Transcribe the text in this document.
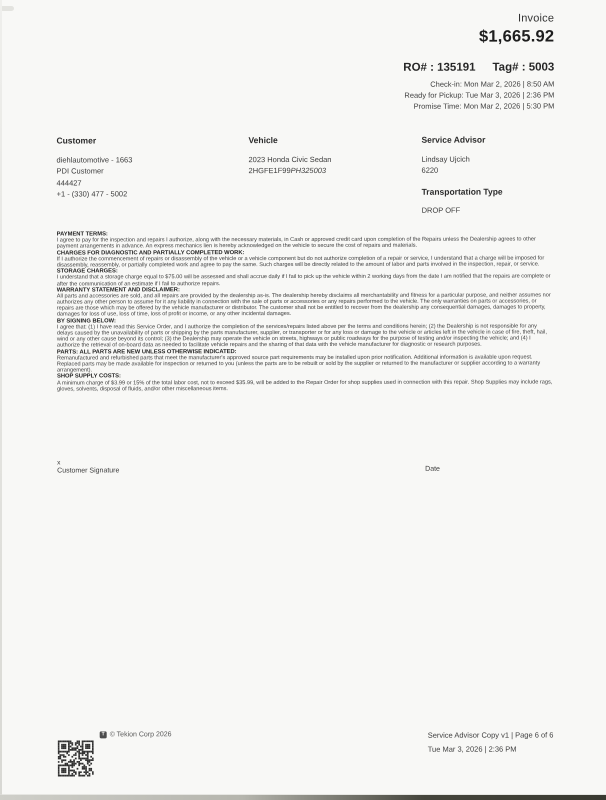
Invoice
$1,665.92
RO# : 135191 Tag# : 5003
Check-in: Mon Mar 2, 2026 | 8:50 AM
Ready for Pickup: Tue Mar 3, 2026 | 2:36 PM
Promise Time: Mon Mar 2, 2026 | 5:30 PM
Customer
diehlautomotive - 1663
PDI Customer
444427
+1 - (330) 477 - 5002
Vehicle
2023 Honda Civic Sedan
2HGFE1F99PH325003
Service Advisor
Lindsay Ujcich
6220
Transportation Type
DROP OFF
PAYMENT TERMS:
I agree to pay for the inspection and repairs I authorize, along with the necessary materials, in Cash or approved credit card upon completion of the Repairs unless the Dealership agrees to other payment arrangements in advance. An express mechanics lien is hereby acknowledged on the vehicle to secure the cost of repairs and materials.
CHARGES FOR DIAGNOSTIC AND PARTIALLY COMPLETED WORK:
If I authorize the commencement of repairs or disassembly of the vehicle or a vehicle component but do not authorize completion of a repair or service, I understand that a charge will be imposed for disassembly, reassembly, or partially completed work and agree to pay the same. Such charges will be directly related to the amount of labor and parts involved in the inspection, repair, or service.
STORAGE CHARGES:
I understand that a storage charge equal to $75.00 will be assessed and shall accrue daily if I fail to pick up the vehicle within 2 working days from the date I am notified that the repairs are complete or after the communication of an estimate if I fail to authorize repairs.
WARRANTY STATEMENT AND DISCLAIMER:
All parts and accessories are sold, and all repairs are provided by the dealership as-is. The dealership hereby disclaims all merchantability and fitness for a particular purpose, and neither assumes nor authorizes any other person to assume for it any liability in connection with the sale of parts or accessories or any repairs performed to the vehicle. The only warranties on parts or accessories, or repairs are those which may be offered by the vehicle manufacturer or distributor. The customer shall not be entitled to recover from the dealership any consequential damages, damages to property, damages for loss of use, loss of time, loss of profit or income, or any other incidental damages.
BY SIGNING BELOW:
I agree that: (1) I have read this Service Order, and I authorize the completion of the services/repairs listed above per the terms and conditions herein; (2) the Dealership is not responsible for any delays caused by the unavailability of parts or shipping by the parts manufacturer, supplier, or transporter or for any loss or damage to the vehicle or articles left in the vehicle in case of fire, theft, hail, wind or any other cause beyond its control; (3) the Dealership may operate the vehicle on streets, highways or public roadways for the purpose of testing and/or inspecting the vehicle; and (4) I authorize the retrieval of on-board data as needed to facilitate vehicle repairs and the sharing of that data with the vehicle manufacturer for diagnostic or research purposes.
PARTS: ALL PARTS ARE NEW UNLESS OTHERWISE INDICATED:
Remanufactured and refurbished parts that meet the manufacturer's approved source part requirements may be installed upon prior notification. Additional information is available upon request. Replaced parts may be made available for inspection or returned to you (unless the parts are to be rebuilt or sold by the supplier or returned to the manufacturer or supplier according to a warranty arrangement).
SHOP SUPPLY COSTS:
A minimum charge of $3.99 or 15% of the total labor cost, not to exceed $35.99, will be added to the Repair Order for shop supplies used in connection with this repair. Shop Supplies may include rags, gloves, solvents, disposal of fluids, and/or other miscellaneous items.
x
Customer Signature	Date
T © Tekion Corp 2026	Service Advisor Copy v1 | Page 6 of 6
Tue Mar 3, 2026 | 2:36 PM
